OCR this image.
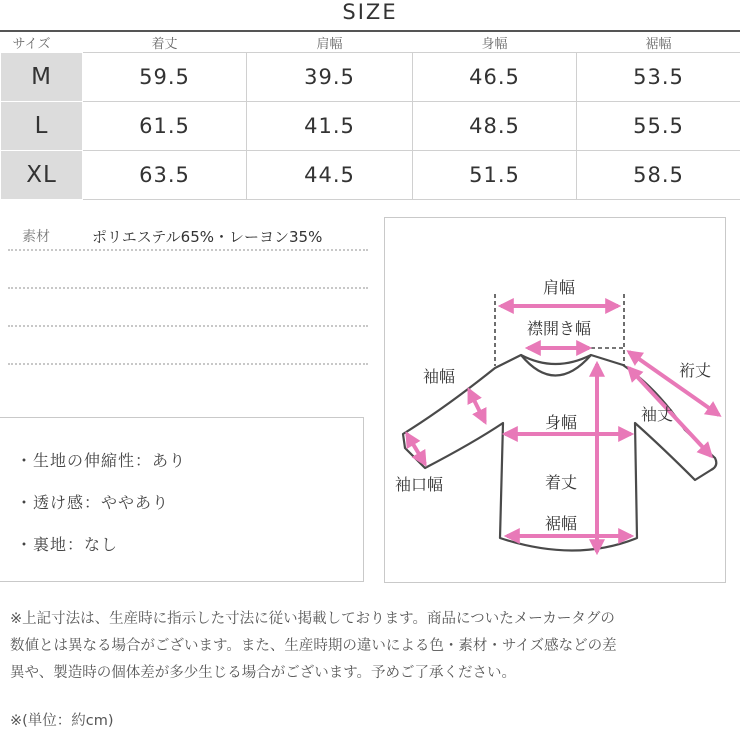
SIZE
サイズ	着丈	肩幅	身幅	裾幅
M	59.5	39.5	46.5	53.5
L	61.5	41.5	48.5	55.5
XL	63.5	44.5	51.5	58.5
素材	ポリエステル65%・レーヨン35%
・生地の伸縮性：あり
・透け感：ややあり
・裏地：なし
肩幅
襟開き幅
裄丈
袖丈
袖幅
身幅
袖口幅	着丈
裾幅
※上記寸法は、生産時に指示した寸法に従い掲載しております。商品についたメーカータグの
数値とは異なる場合がございます。また、生産時期の違いによる色・素材・サイズ感などの差
異や、製造時の個体差が多少生じる場合がございます。予めご了承ください。
※(単位：約cm)
